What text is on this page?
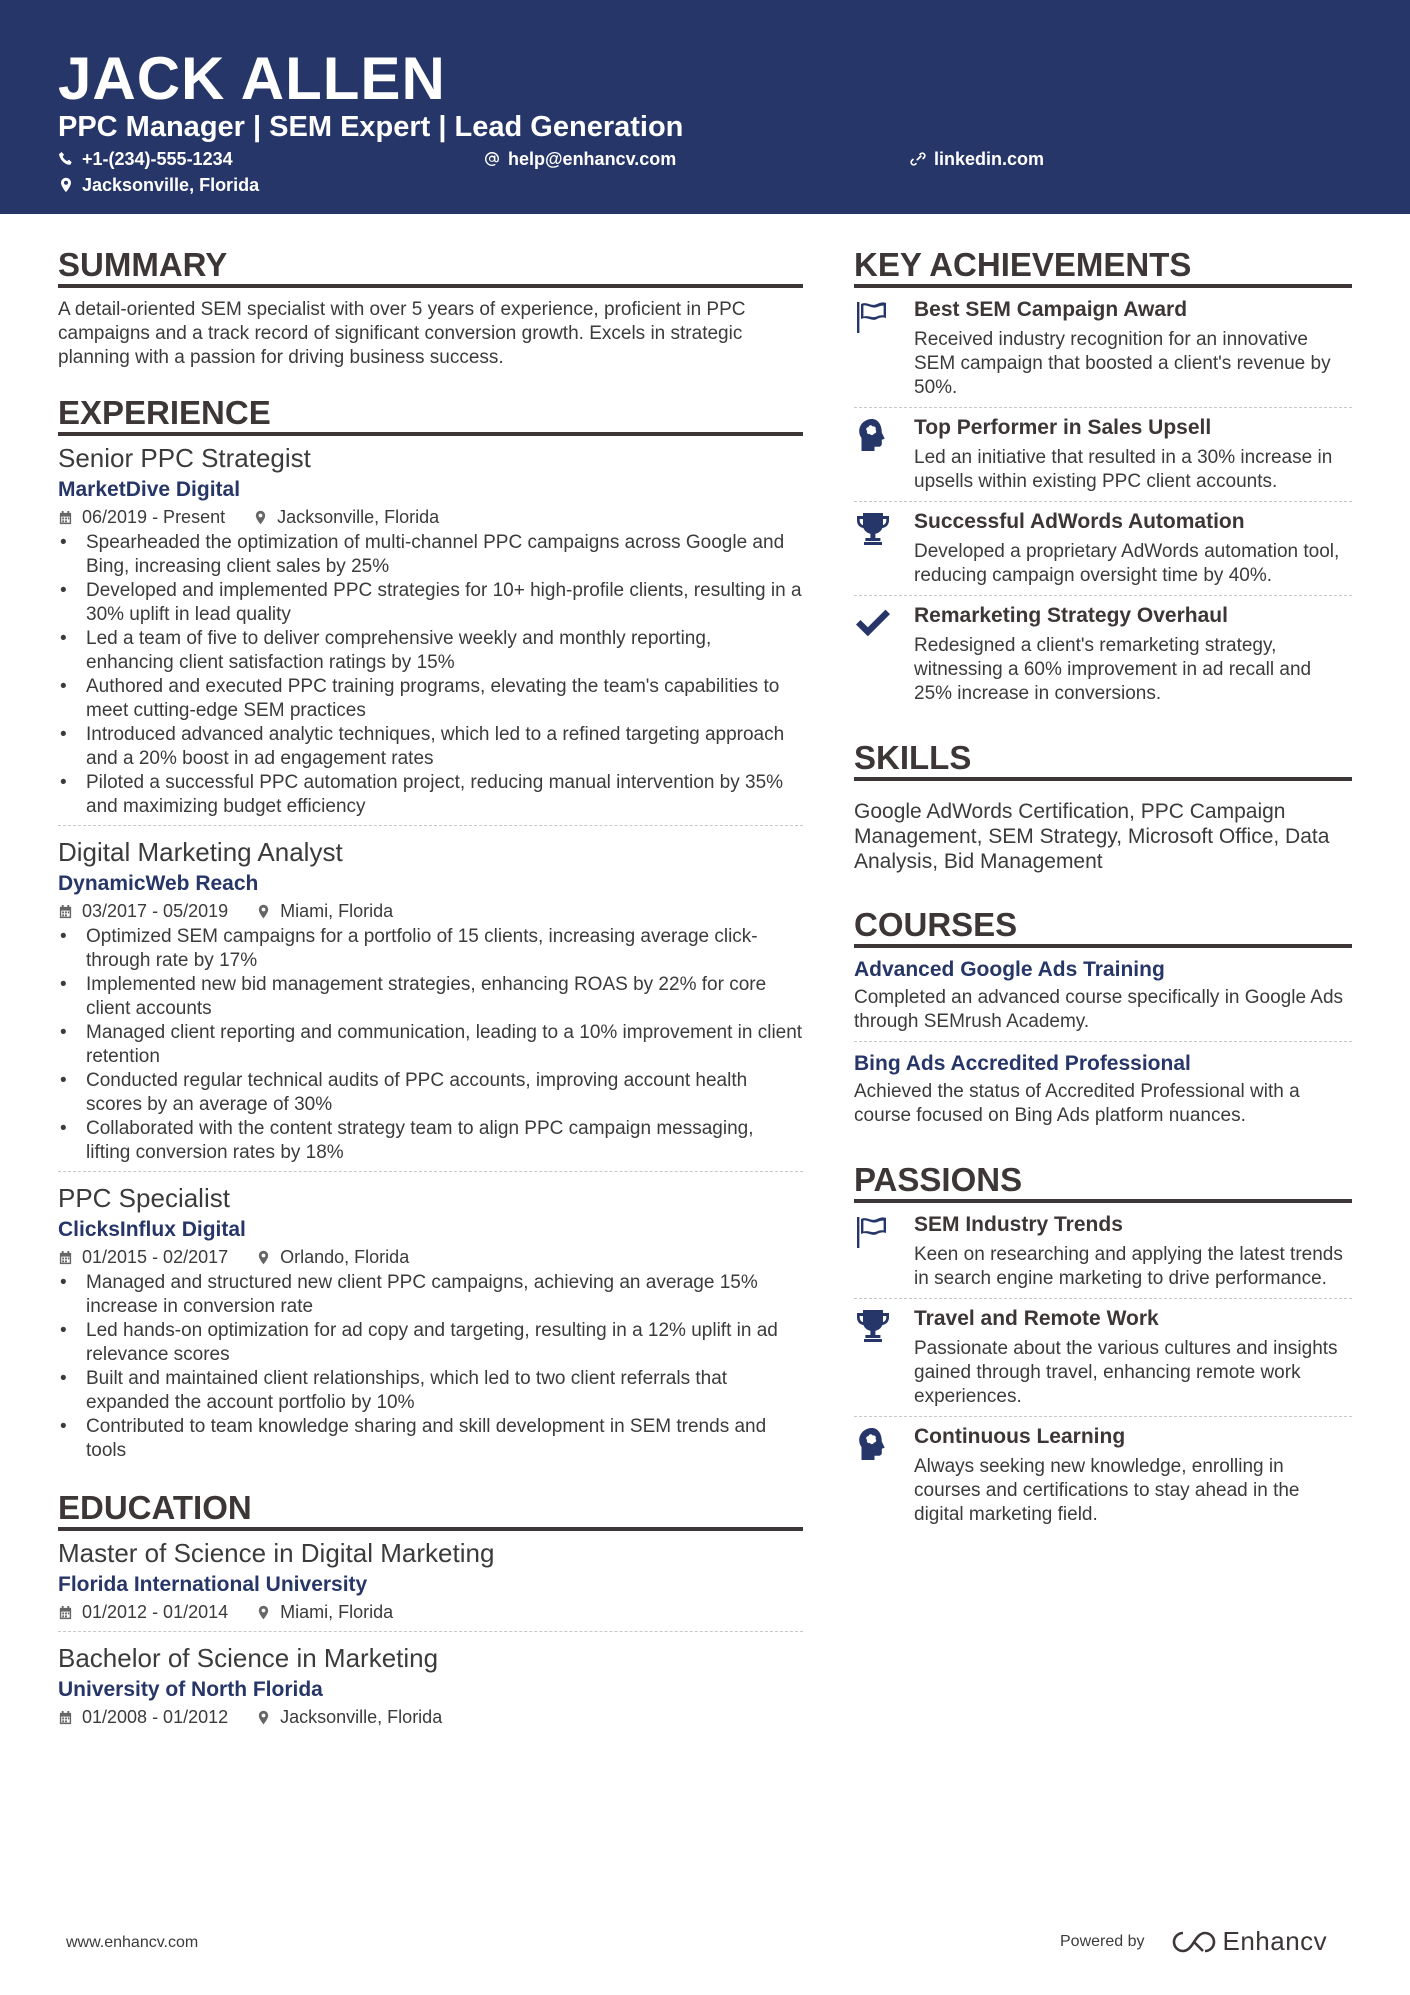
JACK ALLEN
PPC Manager | SEM Expert | Lead Generation
+1-(234)-555-1234	help@enhancv.com	linkedin.com
Jacksonville, Florida
SUMMARY
A detail-oriented SEM specialist with over 5 years of experience, proficient in PPC campaigns and a track record of significant conversion growth. Excels in strategic planning with a passion for driving business success.
EXPERIENCE
Senior PPC Strategist
MarketDive Digital
06/2019 - Present	Jacksonville, Florida
• Spearheaded the optimization of multi-channel PPC campaigns across Google and Bing, increasing client sales by 25%
• Developed and implemented PPC strategies for 10+ high-profile clients, resulting in a 30% uplift in lead quality
• Led a team of five to deliver comprehensive weekly and monthly reporting, enhancing client satisfaction ratings by 15%
• Authored and executed PPC training programs, elevating the team's capabilities to meet cutting-edge SEM practices
• Introduced advanced analytic techniques, which led to a refined targeting approach and a 20% boost in ad engagement rates
• Piloted a successful PPC automation project, reducing manual intervention by 35% and maximizing budget efficiency
Digital Marketing Analyst
DynamicWeb Reach
03/2017 - 05/2019	Miami, Florida
• Optimized SEM campaigns for a portfolio of 15 clients, increasing average click-through rate by 17%
• Implemented new bid management strategies, enhancing ROAS by 22% for core client accounts
• Managed client reporting and communication, leading to a 10% improvement in client retention
• Conducted regular technical audits of PPC accounts, improving account health scores by an average of 30%
• Collaborated with the content strategy team to align PPC campaign messaging, lifting conversion rates by 18%
PPC Specialist
ClicksInflux Digital
01/2015 - 02/2017	Orlando, Florida
• Managed and structured new client PPC campaigns, achieving an average 15% increase in conversion rate
• Led hands-on optimization for ad copy and targeting, resulting in a 12% uplift in ad relevance scores
• Built and maintained client relationships, which led to two client referrals that expanded the account portfolio by 10%
• Contributed to team knowledge sharing and skill development in SEM trends and tools
EDUCATION
Master of Science in Digital Marketing
Florida International University
01/2012 - 01/2014	Miami, Florida
Bachelor of Science in Marketing
University of North Florida
01/2008 - 01/2012	Jacksonville, Florida
KEY ACHIEVEMENTS
Best SEM Campaign Award
Received industry recognition for an innovative SEM campaign that boosted a client's revenue by 50%.
Top Performer in Sales Upsell
Led an initiative that resulted in a 30% increase in upsells within existing PPC client accounts.
Successful AdWords Automation
Developed a proprietary AdWords automation tool, reducing campaign oversight time by 40%.
Remarketing Strategy Overhaul
Redesigned a client's remarketing strategy, witnessing a 60% improvement in ad recall and 25% increase in conversions.
SKILLS
Google AdWords Certification, PPC Campaign Management, SEM Strategy, Microsoft Office, Data Analysis, Bid Management
COURSES
Advanced Google Ads Training
Completed an advanced course specifically in Google Ads through SEMrush Academy.
Bing Ads Accredited Professional
Achieved the status of Accredited Professional with a course focused on Bing Ads platform nuances.
PASSIONS
SEM Industry Trends
Keen on researching and applying the latest trends in search engine marketing to drive performance.
Travel and Remote Work
Passionate about the various cultures and insights gained through travel, enhancing remote work experiences.
Continuous Learning
Always seeking new knowledge, enrolling in courses and certifications to stay ahead in the digital marketing field.
www.enhancv.com	Powered by	Enhancv
